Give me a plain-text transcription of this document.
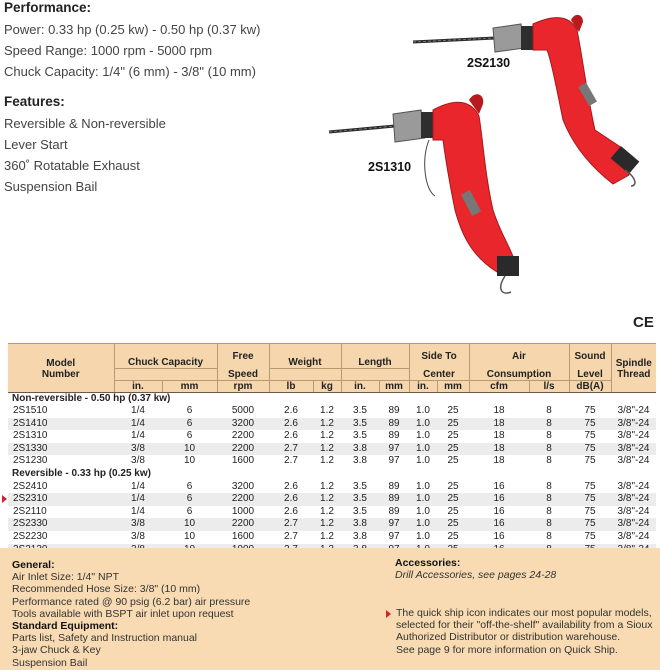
Performance:

Power: 0.33 hp (0.25 kw) - 0.50 hp (0.37 kw)

Speed Range: 1000 rpm - 5000 rpm

Chuck Capacity: 1/4" (6 mm) - 3/8" (10 mm)

Features:

Reversible & Non-reversible

Lever Start

360˚ Rotatable Exhaust

Suspension Bail

2S2130
2S1310
CE
Model	Chuck Capacity		Free	Weight		Length		Side To		Air		Sound	Spindle
Number			Speed					Center		Consumption		Level	Thread
	in.	mm	rpm	lb	kg	in.	mm	in.	mm	cfm	l/s	dB(A)	
Non-reversible - 0.50 hp (0.37 kw)													
2S1510	1/4	6	5000	2.6	1.2	3.5	89	1.0	25	18	8	75	3/8"-24
2S1410	1/4	6	3200	2.6	1.2	3.5	89	1.0	25	18	8	75	3/8"-24
2S1310	1/4	6	2200	2.6	1.2	3.5	89	1.0	25	18	8	75	3/8"-24
2S1330	3/8	10	2200	2.7	1.2	3.8	97	1.0	25	18	8	75	3/8"-24
2S1230	3/8	10	1600	2.7	1.2	3.8	97	1.0	25	18	8	75	3/8"-24
Reversible - 0.33 hp (0.25 kw)													
2S2410	1/4	6	3200	2.6	1.2	3.5	89	1.0	25	16	8	75	3/8"-24

2S2310	1/4	6	2200	2.6	1.2	3.5	89	1.0	25	16	8	75	3/8"-24
2S2110	1/4	6	1000	2.6	1.2	3.5	89	1.0	25	16	8	75	3/8"-24
2S2330	3/8	10	2200	2.7	1.2	3.8	97	1.0	25	16	8	75	3/8"-24
2S2230	3/8	10	1600	2.7	1.2	3.8	97	1.0	25	16	8	75	3/8"-24

General:
Air Inlet Size: 1/4" NPT
Recommended Hose Size: 3/8" (10 mm)
Performance rated @ 90 psig (6.2 bar) air pressure
Tools available with BSPT air inlet upon request
Standard Equipment:
Parts list, Safety and Instruction manual
3-jaw Chuck & Key
Suspension Bail
Accessories:
Drill Accessories, see pages 24-28
The quick ship icon indicates our most popular models,
selected for their "off-the-shelf" availability from a Sioux
Authorized Distributor or distribution warehouse.
See page 9 for more information on Quick Ship.
